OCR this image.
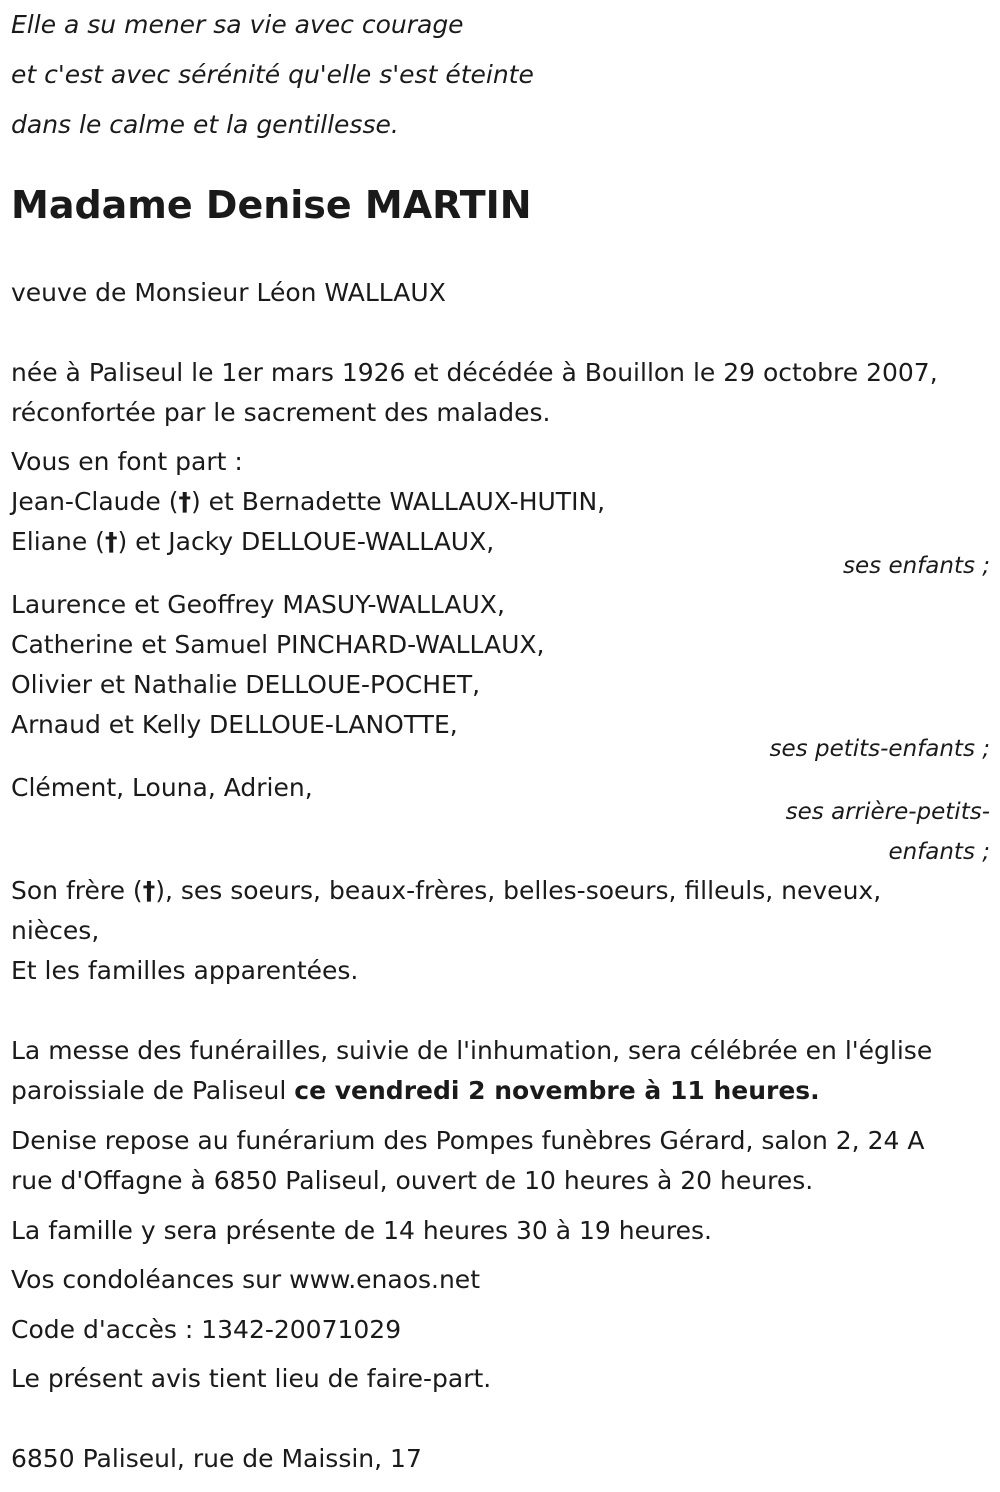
Elle a su mener sa vie avec courage
et c'est avec sérénité qu'elle s'est éteinte
dans le calme et la gentillesse.
Madame Denise MARTIN
veuve de Monsieur Léon WALLAUX
née à Paliseul le 1er mars 1926 et décédée à Bouillon le 29 octobre 2007,
réconfortée par le sacrement des malades.
Vous en font part :
Jean-Claude (†) et Bernadette WALLAUX-HUTIN,
Eliane (†) et Jacky DELLOUE-WALLAUX,
ses enfants ;
Laurence et Geoffrey MASUY-WALLAUX,
Catherine et Samuel PINCHARD-WALLAUX,
Olivier et Nathalie DELLOUE-POCHET,
Arnaud et Kelly DELLOUE-LANOTTE,
ses petits-enfants ;
Clément, Louna, Adrien,
ses arrière-petits-
enfants ;
Son frère (†), ses soeurs, beaux-frères, belles-soeurs, filleuls, neveux,
nièces,
Et les familles apparentées.
La messe des funérailles, suivie de l'inhumation, sera célébrée en l'église
paroissiale de Paliseul ce vendredi 2 novembre à 11 heures.
Denise repose au funérarium des Pompes funèbres Gérard, salon 2, 24 A
rue d'Offagne à 6850 Paliseul, ouvert de 10 heures à 20 heures.
La famille y sera présente de 14 heures 30 à 19 heures.
Vos condoléances sur www.enaos.net
Code d'accès : 1342-20071029
Le présent avis tient lieu de faire-part.
6850 Paliseul, rue de Maissin, 17
